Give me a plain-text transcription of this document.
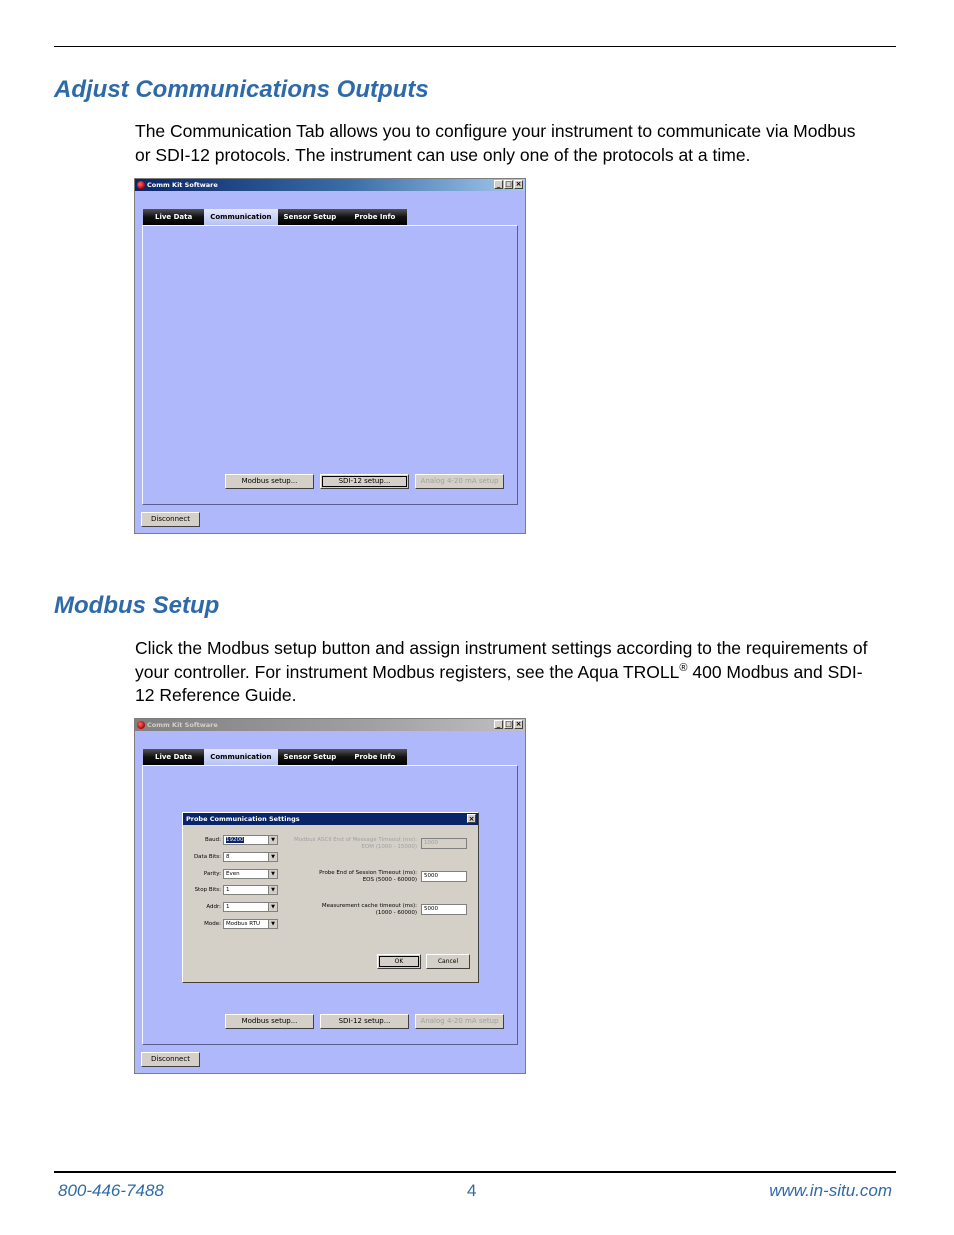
Adjust Communications Outputs

The Communication Tab allows you to configure your instrument to communicate via Modbus or SDI-12 protocols. The instrument can use only one of the protocols at a time.

Comm Kit Software	_ □ ×
Live Data	Communication	Sensor Setup	Probe Info
Modbus setup...	SDI-12 setup...	Analog 4-20 mA setup
Disconnect
Modbus Setup

Click the Modbus setup button and assign instrument settings according to the requirements of your controller. For instrument Modbus registers, see the Aqua TROLL® 400 Modbus and SDI-12 Reference Guide.

Comm Kit Software	_ □ ×
Live Data	Communication	Sensor Setup	Probe Info
Probe Communication Settings	×
Baud: 19200	▼
Data Bits: 8	▼
Parity: Even	▼
Stop Bits: 1	▼
Addr: 1	▼
Mode: Modbus RTU	▼
Modbus ASCII End of Message Timeout (ms):
EOM (1000 - 15000)
1000
Probe End of Session Timeout (ms):
EOS (5000 - 60000)
5000
Measurement cache timeout (ms):
(1000 - 60000)
5000
OK	Cancel
Modbus setup...	SDI-12 setup...	Analog 4-20 mA setup
Disconnect
800-446-7488	4	www.in-situ.com
